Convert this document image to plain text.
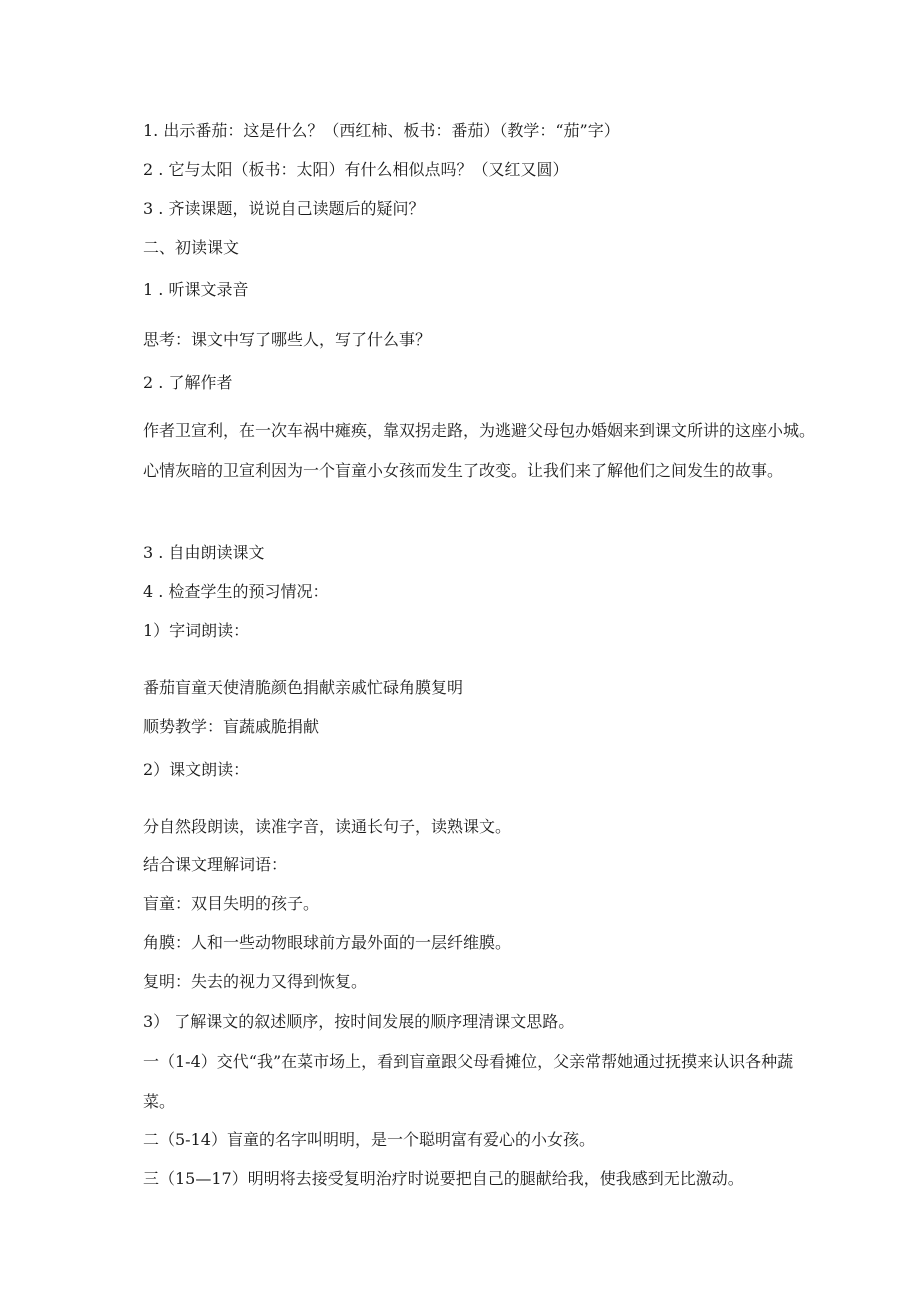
1. 出示番茄：这是什么？（西红柿、板书：番茄）（教学：“茄”字）
2 . 它与太阳（板书：太阳）有什么相似点吗？（又红又圆）
3 . 齐读课题，说说自己读题后的疑问？
二、初读课文
1 . 听课文录音
思考：课文中写了哪些人，写了什么事？
2 . 了解作者
作者卫宣利，在一次车祸中瘫痪，靠双拐走路，为逃避父母包办婚姻来到课文所讲的这座小城。心情灰暗的卫宣利因为一个盲童小女孩而发生了改变。让我们来了解他们之间发生的故事。
3 . 自由朗读课文
4 . 检查学生的预习情况：
1）字词朗读：
番茄盲童天使清脆颜色捐献亲戚忙碌角膜复明
顺势教学：盲蔬戚脆捐献
2）课文朗读：
分自然段朗读，读准字音，读通长句子，读熟课文。
结合课文理解词语：
盲童：双目失明的孩子。
角膜：人和一些动物眼球前方最外面的一层纤维膜。
复明：失去的视力又得到恢复。
3） 了解课文的叙述顺序，按时间发展的顺序理清课文思路。
一（1-4）交代“我”在菜市场上，看到盲童跟父母看摊位，父亲常帮她通过抚摸来认识各种蔬菜。
二（5-14）盲童的名字叫明明，是一个聪明富有爱心的小女孩。
三（15—17）明明将去接受复明治疗时说要把自己的腿献给我，使我感到无比激动。
